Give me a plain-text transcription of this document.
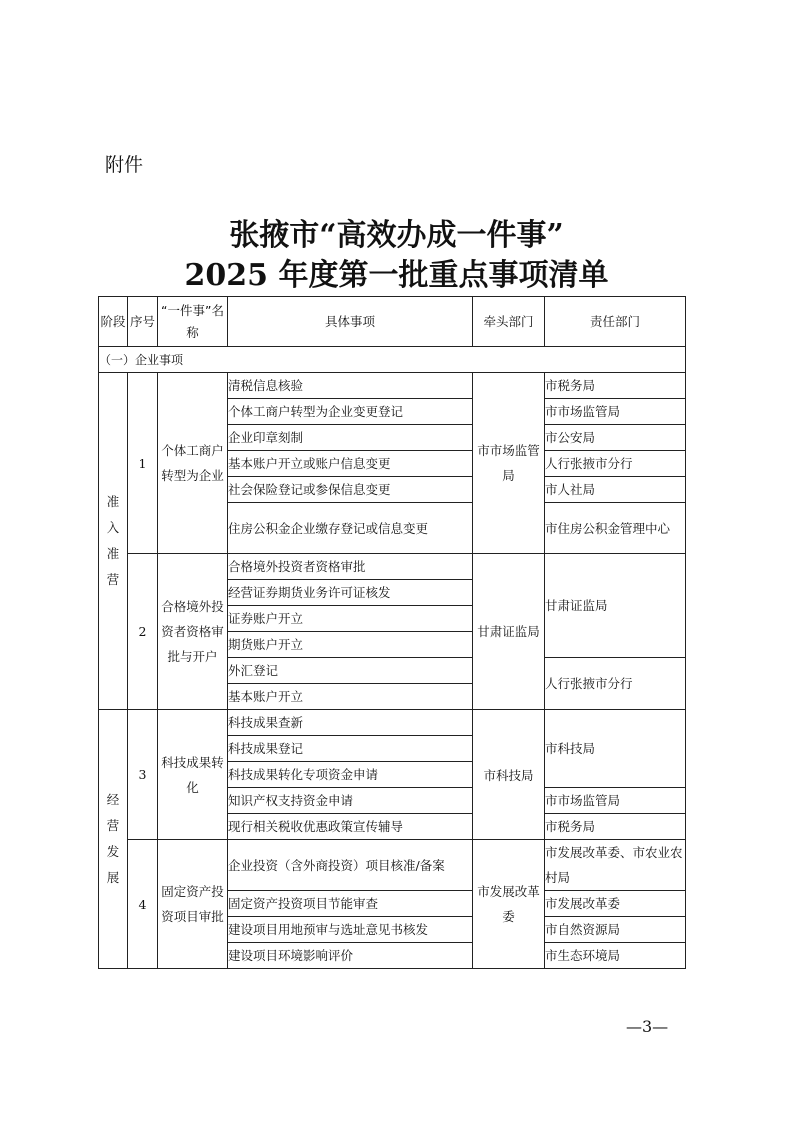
附件
张掖市“高效办成一件事”
2025 年度第一批重点事项清单
阶段	序号	“一件事”名称	具体事项	牵头部门	责任部门
（一）企业事项					
准
入
准
营	1	个体工商户转型为企业	清税信息核验	市市场监管局	市税务局
			个体工商户转型为企业变更登记		市市场监管局
			企业印章刻制		市公安局
			基本账户开立或账户信息变更		人行张掖市分行
			社会保险登记或参保信息变更		市人社局
			住房公积金企业缴存登记或信息变更		市住房公积金管理中心
	2	合格境外投资者资格审批与开户	合格境外投资者资格审批	甘肃证监局	甘肃证监局
			经营证券期货业务许可证核发		
			证券账户开立		
			期货账户开立		
			外汇登记		人行张掖市分行
			基本账户开立		
经
营
发
展	3	科技成果转化	科技成果查新	市科技局	市科技局
			科技成果登记		
			科技成果转化专项资金申请		
			知识产权支持资金申请		市市场监管局
			现行相关税收优惠政策宣传辅导		市税务局
	4	固定资产投资项目审批	企业投资（含外商投资）项目核准/备案	市发展改革委	市发展改革委、市农业农村局
			固定资产投资项目节能审查		市发展改革委
			建设项目用地预审与选址意见书核发		市自然资源局
			建设项目环境影响评价		市生态环境局
—3—
